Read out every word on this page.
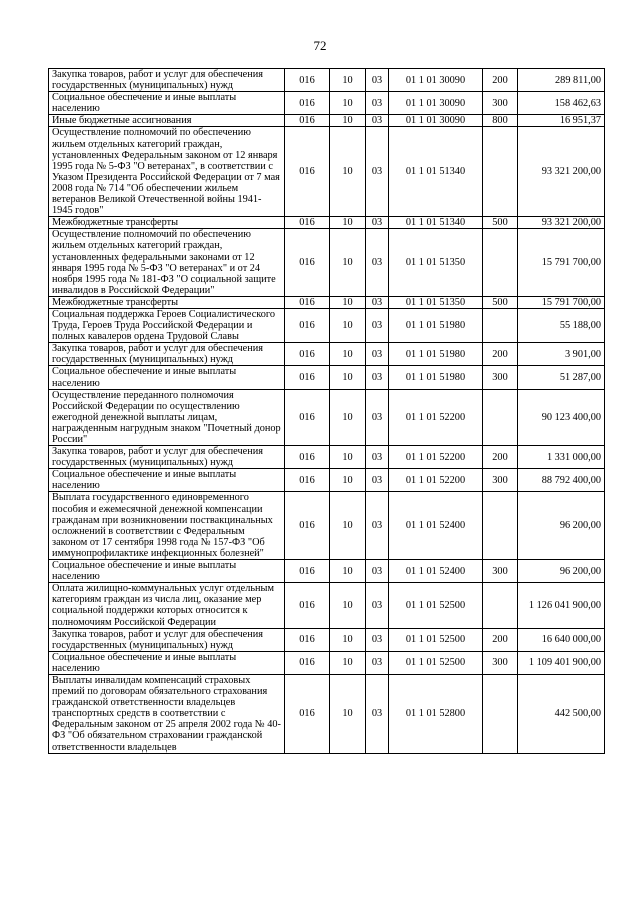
72
Закупка товаров, работ и услуг для обеспечения государственных (муниципальных) нужд	016	10	03	01 1 01 30090	200	289 811,00
Социальное обеспечение и иные выплаты населению	016	10	03	01 1 01 30090	300	158 462,63
Иные бюджетные ассигнования	016	10	03	01 1 01 30090	800	16 951,37
Осуществление полномочий по обеспечению жильем отдельных категорий граждан, установленных Федеральным законом от 12 января 1995 года № 5-ФЗ "О ветеранах", в соответствии с Указом Президента Российской Федерации от 7 мая 2008 года № 714 "Об обеспечении жильем ветеранов Великой Отечественной войны 1941-1945 годов"	016	10	03	01 1 01 51340		93 321 200,00
Межбюджетные трансферты	016	10	03	01 1 01 51340	500	93 321 200,00
Осуществление полномочий по обеспечению жильем отдельных категорий граждан, установленных федеральными законами от 12 января 1995 года № 5-ФЗ "О ветеранах" и от 24 ноября 1995 года № 181-ФЗ "О социальной защите инвалидов в Российской Федерации"	016	10	03	01 1 01 51350		15 791 700,00
Межбюджетные трансферты	016	10	03	01 1 01 51350	500	15 791 700,00
Социальная поддержка Героев Социалистического Труда, Героев Труда Российской Федерации и полных кавалеров ордена Трудовой Славы	016	10	03	01 1 01 51980		55 188,00
Закупка товаров, работ и услуг для обеспечения государственных (муниципальных) нужд	016	10	03	01 1 01 51980	200	3 901,00
Социальное обеспечение и иные выплаты населению	016	10	03	01 1 01 51980	300	51 287,00
Осуществление переданного полномочия Российской Федерации по осуществлению ежегодной денежной выплаты лицам, награжденным нагрудным знаком "Почетный донор России"	016	10	03	01 1 01 52200		90 123 400,00
Закупка товаров, работ и услуг для обеспечения государственных (муниципальных) нужд	016	10	03	01 1 01 52200	200	1 331 000,00
Социальное обеспечение и иные выплаты населению	016	10	03	01 1 01 52200	300	88 792 400,00
Выплата государственного единовременного пособия и ежемесячной денежной компенсации гражданам при возникновении поствакцинальных осложнений в соответствии с Федеральным законом от 17 сентября 1998 года № 157-ФЗ "Об иммунопрофилактике инфекционных болезней"	016	10	03	01 1 01 52400		96 200,00
Социальное обеспечение и иные выплаты населению	016	10	03	01 1 01 52400	300	96 200,00
Оплата жилищно-коммунальных услуг отдельным категориям граждан из числа лиц, оказание мер социальной поддержки которых относится к полномочиям Российской Федерации	016	10	03	01 1 01 52500		1 126 041 900,00
Закупка товаров, работ и услуг для обеспечения государственных (муниципальных) нужд	016	10	03	01 1 01 52500	200	16 640 000,00
Социальное обеспечение и иные выплаты населению	016	10	03	01 1 01 52500	300	1 109 401 900,00
Выплаты инвалидам компенсаций страховых премий по договорам обязательного страхования гражданской ответственности владельцев транспортных средств в соответствии с Федеральным законом от 25 апреля 2002 года № 40-ФЗ "Об обязательном страховании гражданской ответственности владельцев	016	10	03	01 1 01 52800		442 500,00
